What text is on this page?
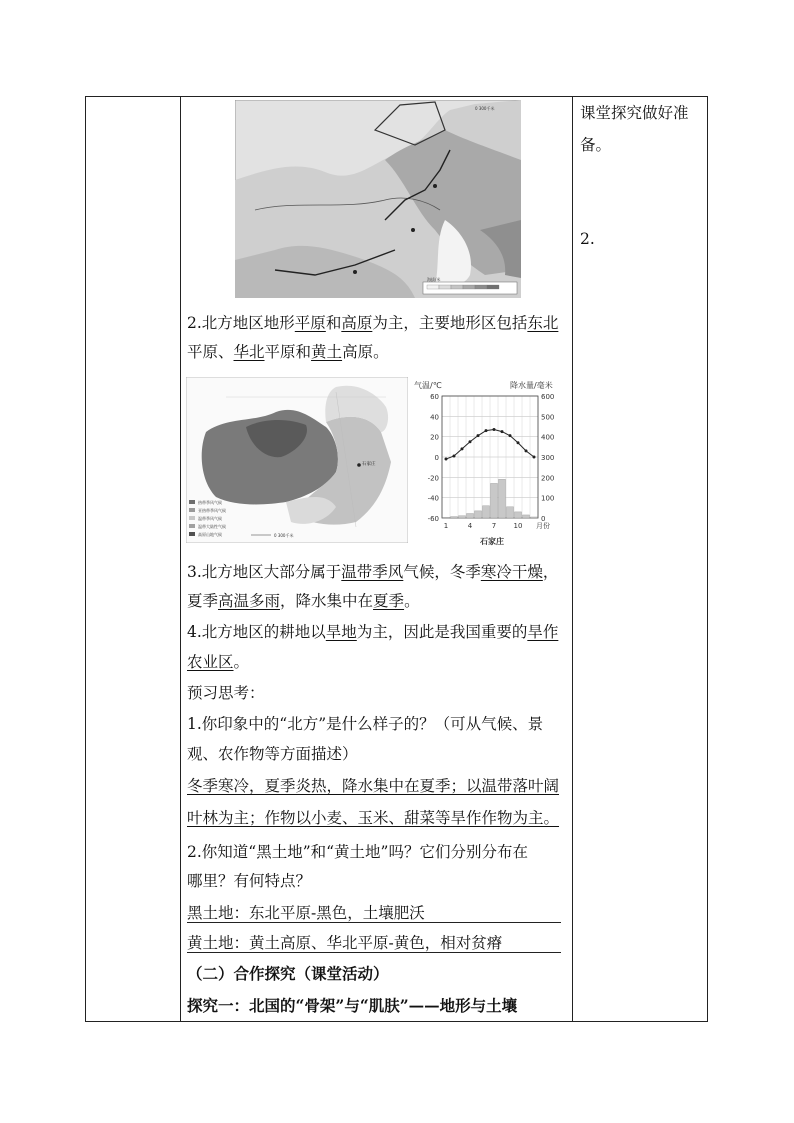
课堂探究做好准
备。
2.
海拔/米
0 300千米
2.北方地区地形平原和高原为主，主要地形区包括东北
平原、华北平原和黄土高原。
石家庄
热带季风气候
亚热带季风气候
温带季风气候
温带大陆性气候
高原山地气候	0 300千米
气温/℃	降水量/毫米
60	600
40	500
20	400
0	300
-20	200
-40	100
-60	0
1	4	7 10 月份
石家庄
3.北方地区大部分属于温带季风气候，冬季寒冷干燥，
夏季高温多雨，降水集中在夏季。
4.北方地区的耕地以旱地为主，因此是我国重要的旱作
农业区。
预习思考：
1.你印象中的“北方”是什么样子的？（可从气候、景
观、农作物等方面描述）
冬季寒冷，夏季炎热，降水集中在夏季；以温带落叶阔
叶林为主；作物以小麦、玉米、甜菜等旱作作物为主。
2.你知道“黑土地”和“黄土地”吗？它们分别分布在
哪里？有何特点？
黑土地：东北平原-黑色，土壤肥沃
黄土地：黄土高原、华北平原-黄色，相对贫瘠
（二）合作探究（课堂活动）
探究一：北国的“骨架”与“肌肤”——地形与土壤
